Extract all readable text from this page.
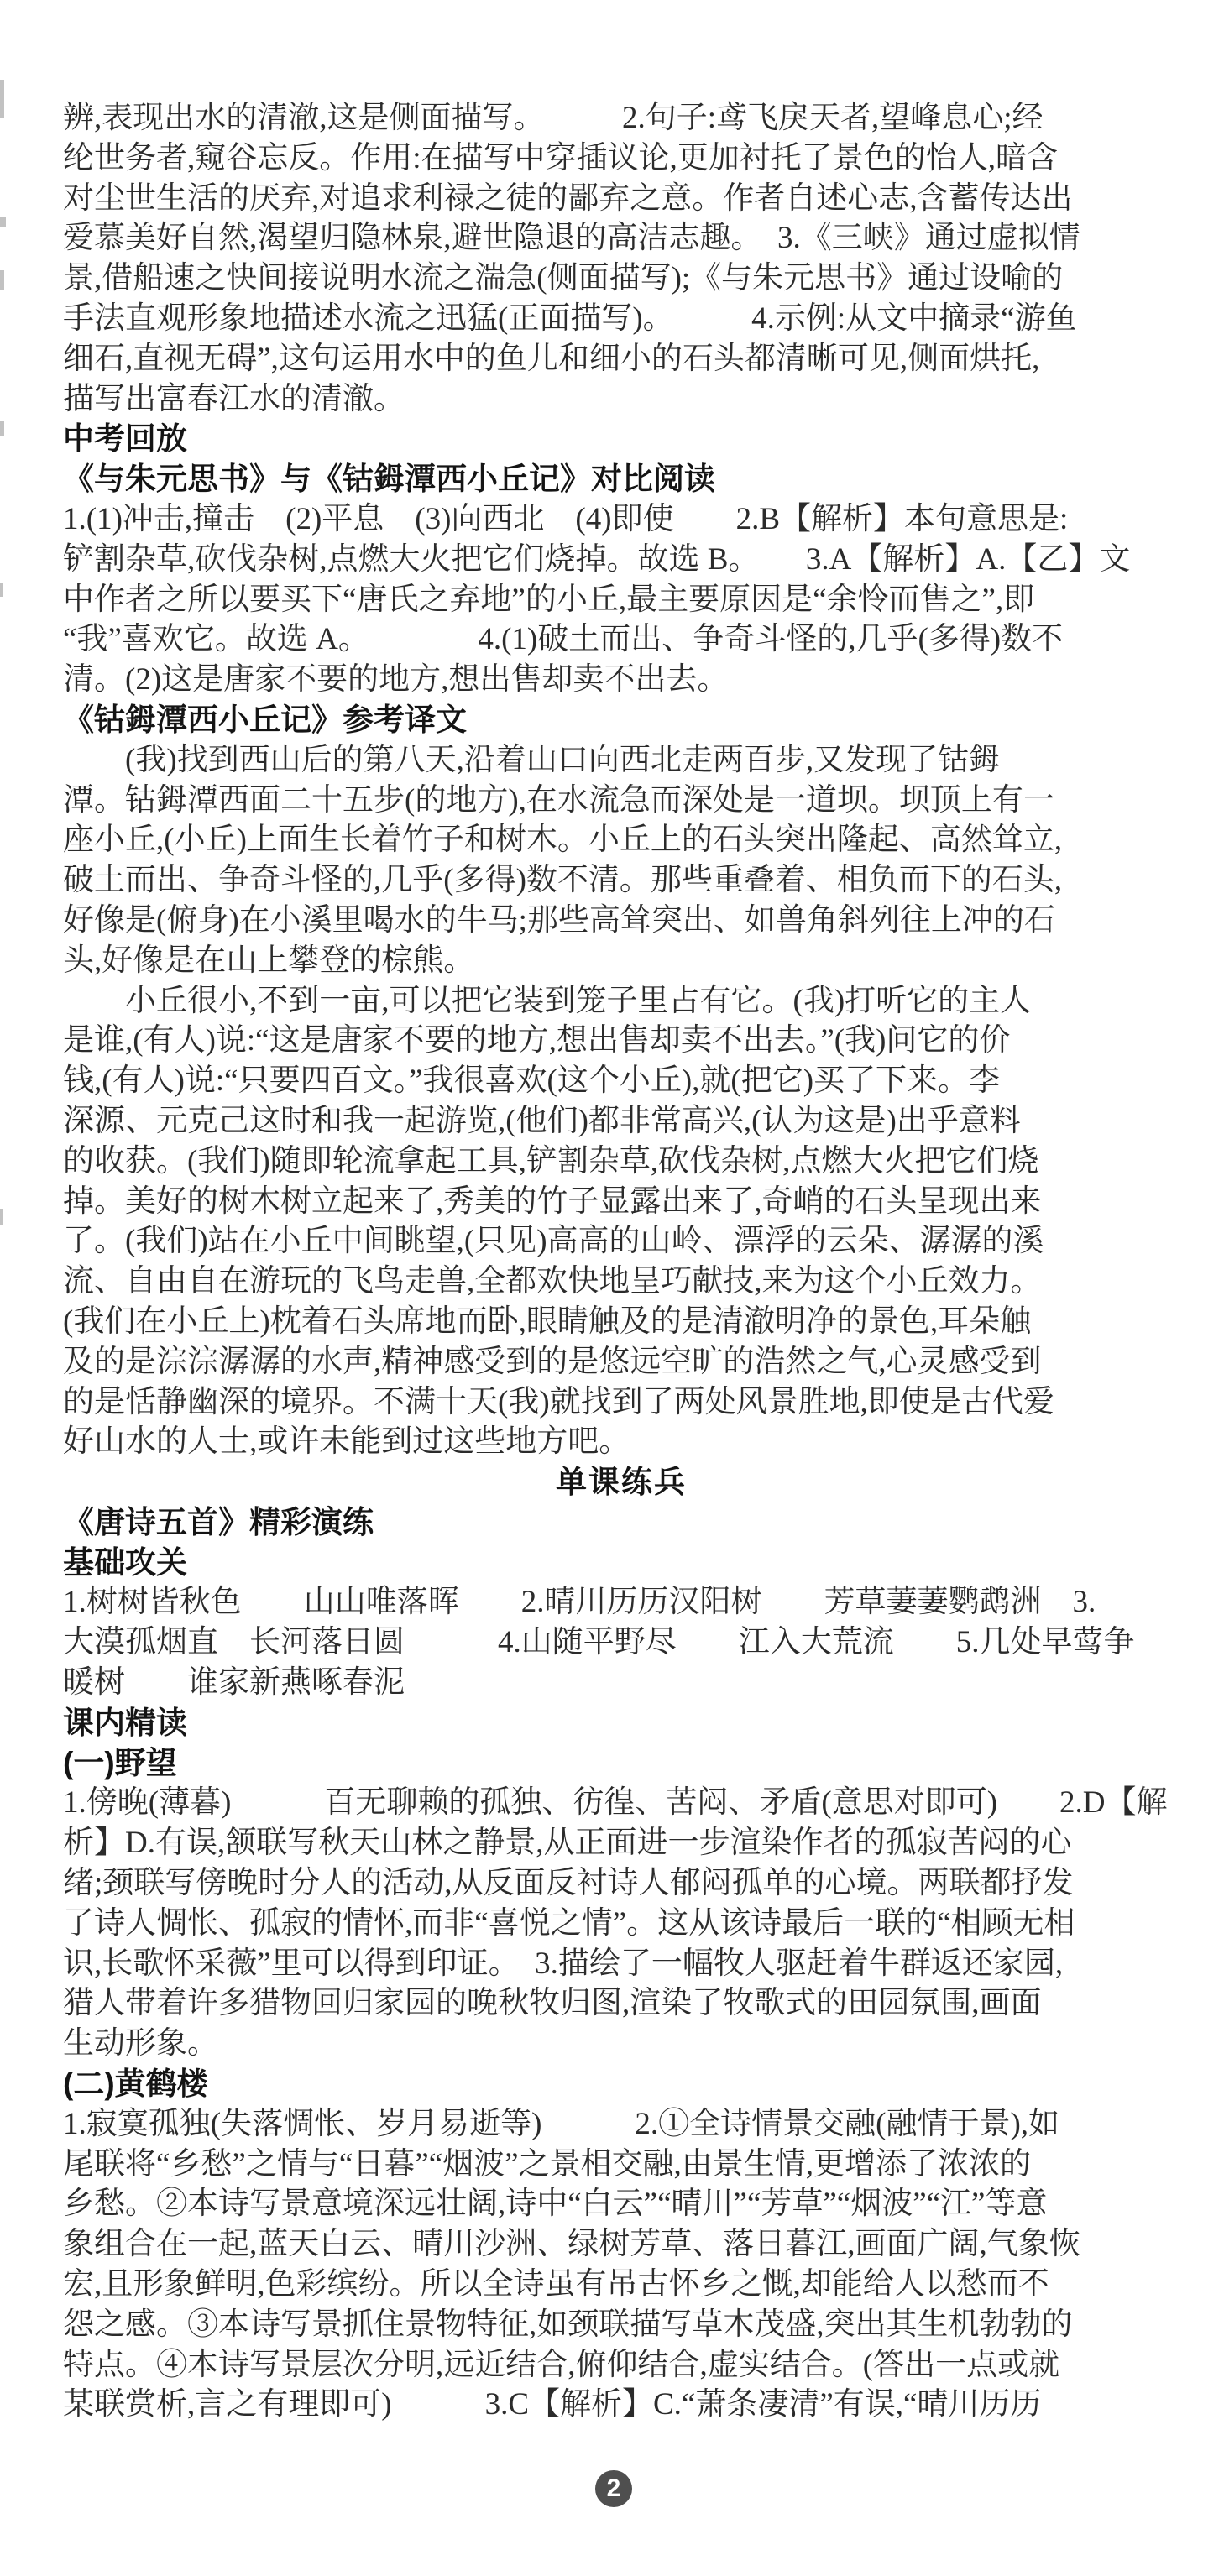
辨,表现出水的清澈,这是侧面描写。　　　2.句子:鸢飞戾天者,望峰息心;经
纶世务者,窥谷忘反。作用:在描写中穿插议论,更加衬托了景色的怡人,暗含
对尘世生活的厌弃,对追求利禄之徒的鄙弃之意。作者自述心志,含蓄传达出
爱慕美好自然,渴望归隐林泉,避世隐退的高洁志趣。　3.《三峡》通过虚拟情
景,借船速之快间接说明水流之湍急(侧面描写);《与朱元思书》通过设喻的
手法直观形象地描述水流之迅猛(正面描写)。　　　4.示例:从文中摘录“游鱼
细石,直视无碍”,这句运用水中的鱼儿和细小的石头都清晰可见,侧面烘托,
描写出富春江水的清澈。
中考回放
《与朱元思书》与《钴鉧潭西小丘记》对比阅读
1.(1)冲击,撞击　(2)平息　(3)向西北　(4)即使　　2.B【解析】本句意思是:
铲割杂草,砍伐杂树,点燃大火把它们烧掉。故选 B。　　3.A【解析】A.【乙】文
中作者之所以要买下“唐氏之弃地”的小丘,最主要原因是“余怜而售之”,即
“我”喜欢它。故选 A。　　　　4.(1)破土而出、争奇斗怪的,几乎(多得)数不
清。(2)这是唐家不要的地方,想出售却卖不出去。
《钴鉧潭西小丘记》参考译文
　　(我)找到西山后的第八天,沿着山口向西北走两百步,又发现了钴鉧
潭。钴鉧潭西面二十五步(的地方),在水流急而深处是一道坝。坝顶上有一
座小丘,(小丘)上面生长着竹子和树木。小丘上的石头突出隆起、高然耸立,
破土而出、争奇斗怪的,几乎(多得)数不清。那些重叠着、相负而下的石头,
好像是(俯身)在小溪里喝水的牛马;那些高耸突出、如兽角斜列往上冲的石
头,好像是在山上攀登的棕熊。
　　小丘很小,不到一亩,可以把它装到笼子里占有它。(我)打听它的主人
是谁,(有人)说:“这是唐家不要的地方,想出售却卖不出去。”(我)问它的价
钱,(有人)说:“只要四百文。”我很喜欢(这个小丘),就(把它)买了下来。李
深源、元克己这时和我一起游览,(他们)都非常高兴,(认为这是)出乎意料
的收获。(我们)随即轮流拿起工具,铲割杂草,砍伐杂树,点燃大火把它们烧
掉。美好的树木树立起来了,秀美的竹子显露出来了,奇峭的石头呈现出来
了。(我们)站在小丘中间眺望,(只见)高高的山岭、漂浮的云朵、潺潺的溪
流、自由自在游玩的飞鸟走兽,全都欢快地呈巧献技,来为这个小丘效力。
(我们在小丘上)枕着石头席地而卧,眼睛触及的是清澈明净的景色,耳朵触
及的是淙淙潺潺的水声,精神感受到的是悠远空旷的浩然之气,心灵感受到
的是恬静幽深的境界。不满十天(我)就找到了两处风景胜地,即使是古代爱
好山水的人士,或许未能到过这些地方吧。
单课练兵
《唐诗五首》精彩演练
基础攻关
1.树树皆秋色　　山山唯落晖　　2.晴川历历汉阳树　　芳草萋萋鹦鹉洲　3.
大漠孤烟直　长河落日圆　　　4.山随平野尽　　江入大荒流　　5.几处早莺争
暖树　　谁家新燕啄春泥
课内精读
(一)野望
1.傍晚(薄暮)　　　百无聊赖的孤独、彷徨、苦闷、矛盾(意思对即可)　　2.D【解
析】D.有误,颔联写秋天山林之静景,从正面进一步渲染作者的孤寂苦闷的心
绪;颈联写傍晚时分人的活动,从反面反衬诗人郁闷孤单的心境。两联都抒发
了诗人惆怅、孤寂的情怀,而非“喜悦之情”。这从该诗最后一联的“相顾无相
识,长歌怀采薇”里可以得到印证。　3.描绘了一幅牧人驱赶着牛群返还家园,
猎人带着许多猎物回归家园的晚秋牧归图,渲染了牧歌式的田园氛围,画面
生动形象。
(二)黄鹤楼
1.寂寞孤独(失落惆怅、岁月易逝等)　　　2.①全诗情景交融(融情于景),如
尾联将“乡愁”之情与“日暮”“烟波”之景相交融,由景生情,更增添了浓浓的
乡愁。②本诗写景意境深远壮阔,诗中“白云”“晴川”“芳草”“烟波”“江”等意
象组合在一起,蓝天白云、晴川沙洲、绿树芳草、落日暮江,画面广阔,气象恢
宏,且形象鲜明,色彩缤纷。所以全诗虽有吊古怀乡之慨,却能给人以愁而不
怨之感。③本诗写景抓住景物特征,如颈联描写草木茂盛,突出其生机勃勃的
特点。④本诗写景层次分明,远近结合,俯仰结合,虚实结合。(答出一点或就
某联赏析,言之有理即可)　　　3.C【解析】C.“萧条凄清”有误,“晴川历历
2
